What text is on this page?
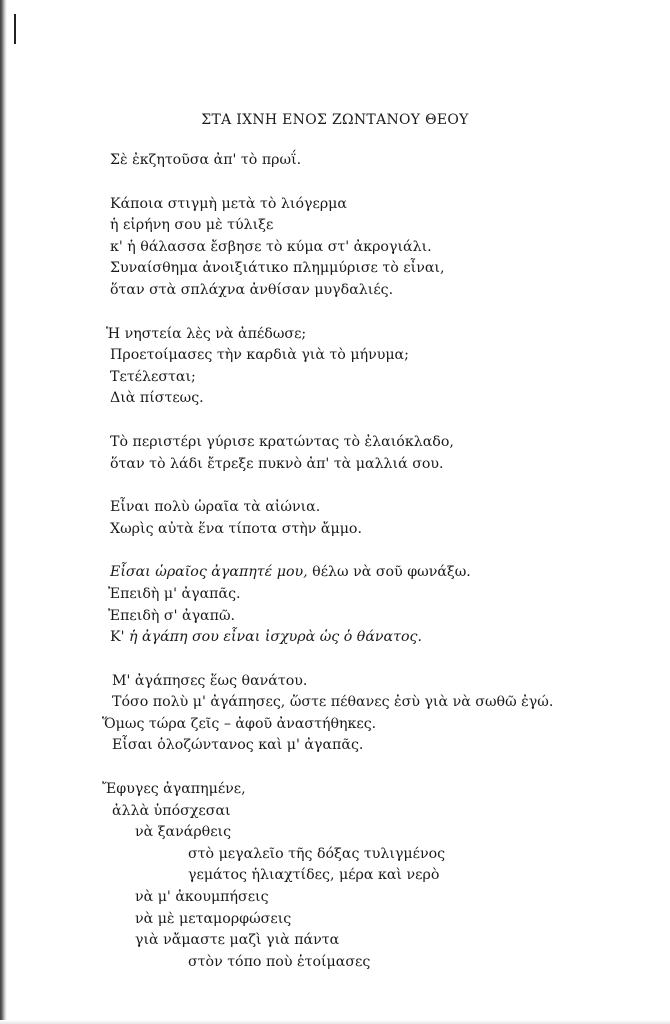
ΣΤΑ ΙΧΝΗ ΕΝΟΣ ΖΩΝΤΑΝΟΥ ΘΕΟΥ
Σὲ ἐκζητοῦσα ἀπ' τὸ πρωΐ.
Κάποια στιγμὴ μετὰ τὸ λιόγερμα
ἡ εἰρήνη σου μὲ τύλιξε
κ' ἡ θάλασσα ἔσβησε τὸ κύμα στ' ἀκρογιάλι.
Συναίσθημα ἀνοιξιάτικο πλημμύρισε τὸ εἶναι,
ὅταν στὰ σπλάχνα ἀνθίσαν μυγδαλιές.
Ἡ νηστεία λὲς νὰ ἀπέδωσε;
Προετοίμασες τὴν καρδιὰ γιὰ τὸ μήνυμα;
Τετέλεσται;
Διὰ πίστεως.
Τὸ περιστέρι γύρισε κρατώντας τὸ ἐλαιόκλαδο,
ὅταν τὸ λάδι ἔτρεξε πυκνὸ ἀπ' τὰ μαλλιά σου.
Εἶναι πολὺ ὡραῖα τὰ αἰώνια.
Χωρὶς αὐτὰ ἕνα τίποτα στὴν ἄμμο.
Εἶσαι ὡραῖος ἀγαπητέ μου, θέλω νὰ σοῦ φωνάξω.
Ἐπειδὴ μ' ἀγαπᾶς.
Ἐπειδὴ σ' ἀγαπῶ.
Κ' ἡ ἀγάπη σου εἶναι ἰσχυρὰ ὡς ὁ θάνατος.
Μ' ἀγάπησες ἕως θανάτου.
Τόσο πολὺ μ' ἀγάπησες, ὥστε πέθανες ἐσὺ γιὰ νὰ σωθῶ ἐγώ.
Ὅμως τώρα ζεῖς – ἀφοῦ ἀναστήθηκες.
Εἶσαι ὁλοζώντανος καὶ μ' ἀγαπᾶς.
Ἔφυγες ἀγαπημένε,
ἀλλὰ ὑπόσχεσαι
νὰ ξανάρθεις
στὸ μεγαλεῖο τῆς δόξας τυλιγμένος
γεμάτος ἡλιαχτίδες, μέρα καὶ νερὸ
νὰ μ' ἀκουμπήσεις
νὰ μὲ μεταμορφώσεις
γιὰ νἄμαστε μαζὶ γιὰ πάντα
στὸν τόπο ποὺ ἑτοίμασες
